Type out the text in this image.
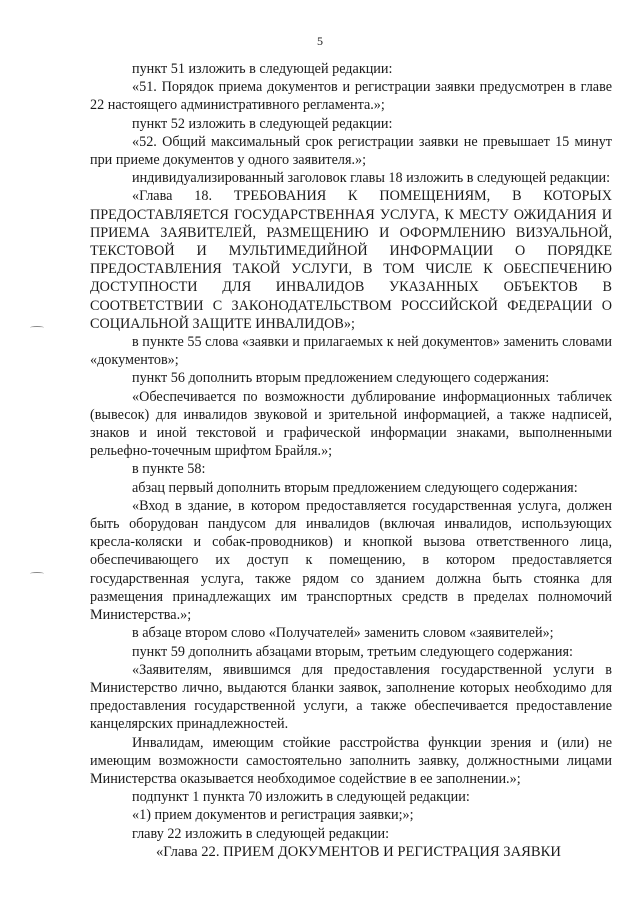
5

пункт 51 изложить в следующей редакции:

«51. Порядок приема документов и регистрации заявки предусмотрен в главе 22 настоящего административного регламента.»;

пункт 52 изложить в следующей редакции:

«52. Общий максимальный срок регистрации заявки не превышает 15 минут при приеме документов у одного заявителя.»;

индивидуализированный заголовок главы 18 изложить в следующей редакции:

«Глава 18. ТРЕБОВАНИЯ К ПОМЕЩЕНИЯМ, В КОТОРЫХ ПРЕДОСТАВЛЯЕТСЯ ГОСУДАРСТВЕННАЯ УСЛУГА, К МЕСТУ ОЖИДАНИЯ И ПРИЕМА ЗАЯВИТЕЛЕЙ, РАЗМЕЩЕНИЮ И ОФОРМЛЕНИЮ ВИЗУАЛЬНОЙ, ТЕКСТОВОЙ И МУЛЬТИМЕДИЙНОЙ ИНФОРМАЦИИ О ПОРЯДКЕ ПРЕДОСТАВЛЕНИЯ ТАКОЙ УСЛУГИ, В ТОМ ЧИСЛЕ К ОБЕСПЕЧЕНИЮ ДОСТУПНОСТИ ДЛЯ ИНВАЛИДОВ УКАЗАННЫХ ОБЪЕКТОВ В СООТВЕТСТВИИ С ЗАКОНОДАТЕЛЬСТВОМ РОССИЙСКОЙ ФЕДЕРАЦИИ О СОЦИАЛЬНОЙ ЗАЩИТЕ ИНВАЛИДОВ»;

в пункте 55 слова «заявки и прилагаемых к ней документов» заменить словами «документов»;

пункт 56 дополнить вторым предложением следующего содержания:

«Обеспечивается по возможности дублирование информационных табличек (вывесок) для инвалидов звуковой и зрительной информацией, а также надписей, знаков и иной текстовой и графической информации знаками, выполненными рельефно-точечным шрифтом Брайля.»;

в пункте 58:

абзац первый дополнить вторым предложением следующего содержания:

«Вход в здание, в котором предоставляется государственная услуга, должен быть оборудован пандусом для инвалидов (включая инвалидов, использующих кресла-коляски и собак-проводников) и кнопкой вызова ответственного лица, обеспечивающего их доступ к помещению, в котором предоставляется государственная услуга, также рядом со зданием должна быть стоянка для размещения принадлежащих им транспортных средств в пределах полномочий Министерства.»;

в абзаце втором слово «Получателей» заменить словом «заявителей»;

пункт 59 дополнить абзацами вторым, третьим следующего содержания:

«Заявителям, явившимся для предоставления государственной услуги в Министерство лично, выдаются бланки заявок, заполнение которых необходимо для предоставления государственной услуги, а также обеспечивается предоставление канцелярских принадлежностей.

Инвалидам, имеющим стойкие расстройства функции зрения и (или) не имеющим возможности самостоятельно заполнить заявку, должностными лицами Министерства оказывается необходимое содействие в ее заполнении.»;

подпункт 1 пункта 70 изложить в следующей редакции:

«1) прием документов и регистрация заявки;»;

главу 22 изложить в следующей редакции:

«Глава 22. ПРИЕМ ДОКУМЕНТОВ И РЕГИСТРАЦИЯ ЗАЯВКИ
